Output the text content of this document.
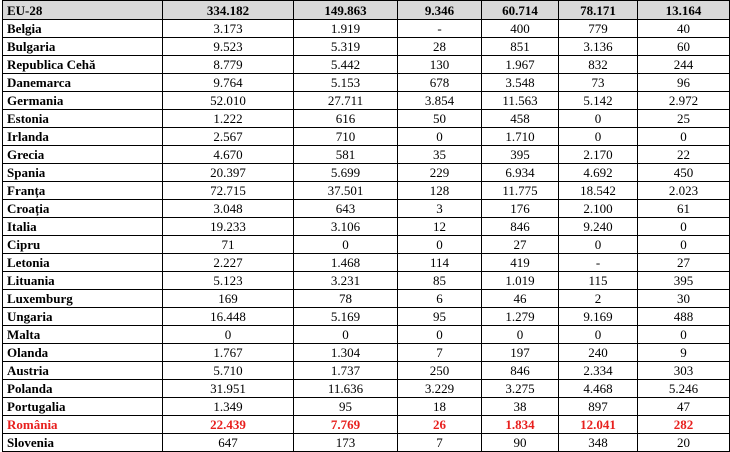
EU-28	334.182	149.863	9.346	60.714	78.171	13.164
Belgia	3.173	1.919	-	400	779	40
Bulgaria	9.523	5.319	28	851	3.136	60
Republica Cehă	8.779	5.442	130	1.967	832	244
Danemarca	9.764	5.153	678	3.548	73	96
Germania	52.010	27.711	3.854	11.563	5.142	2.972
Estonia	1.222	616	50	458	0	25
Irlanda	2.567	710	0	1.710	0	0
Grecia	4.670	581	35	395	2.170	22
Spania	20.397	5.699	229	6.934	4.692	450
Franța	72.715	37.501	128	11.775	18.542	2.023
Croația	3.048	643	3	176	2.100	61
Italia	19.233	3.106	12	846	9.240	0
Cipru	71	0	0	27	0	0
Letonia	2.227	1.468	114	419	-	27
Lituania	5.123	3.231	85	1.019	115	395
Luxemburg	169	78	6	46	2	30
Ungaria	16.448	5.169	95	1.279	9.169	488
Malta	0	0	0	0	0	0
Olanda	1.767	1.304	7	197	240	9
Austria	5.710	1.737	250	846	2.334	303
Polanda	31.951	11.636	3.229	3.275	4.468	5.246
Portugalia	1.349	95	18	38	897	47
România	22.439	7.769	26	1.834	12.041	282
Slovenia	647	173	7	90	348	20
